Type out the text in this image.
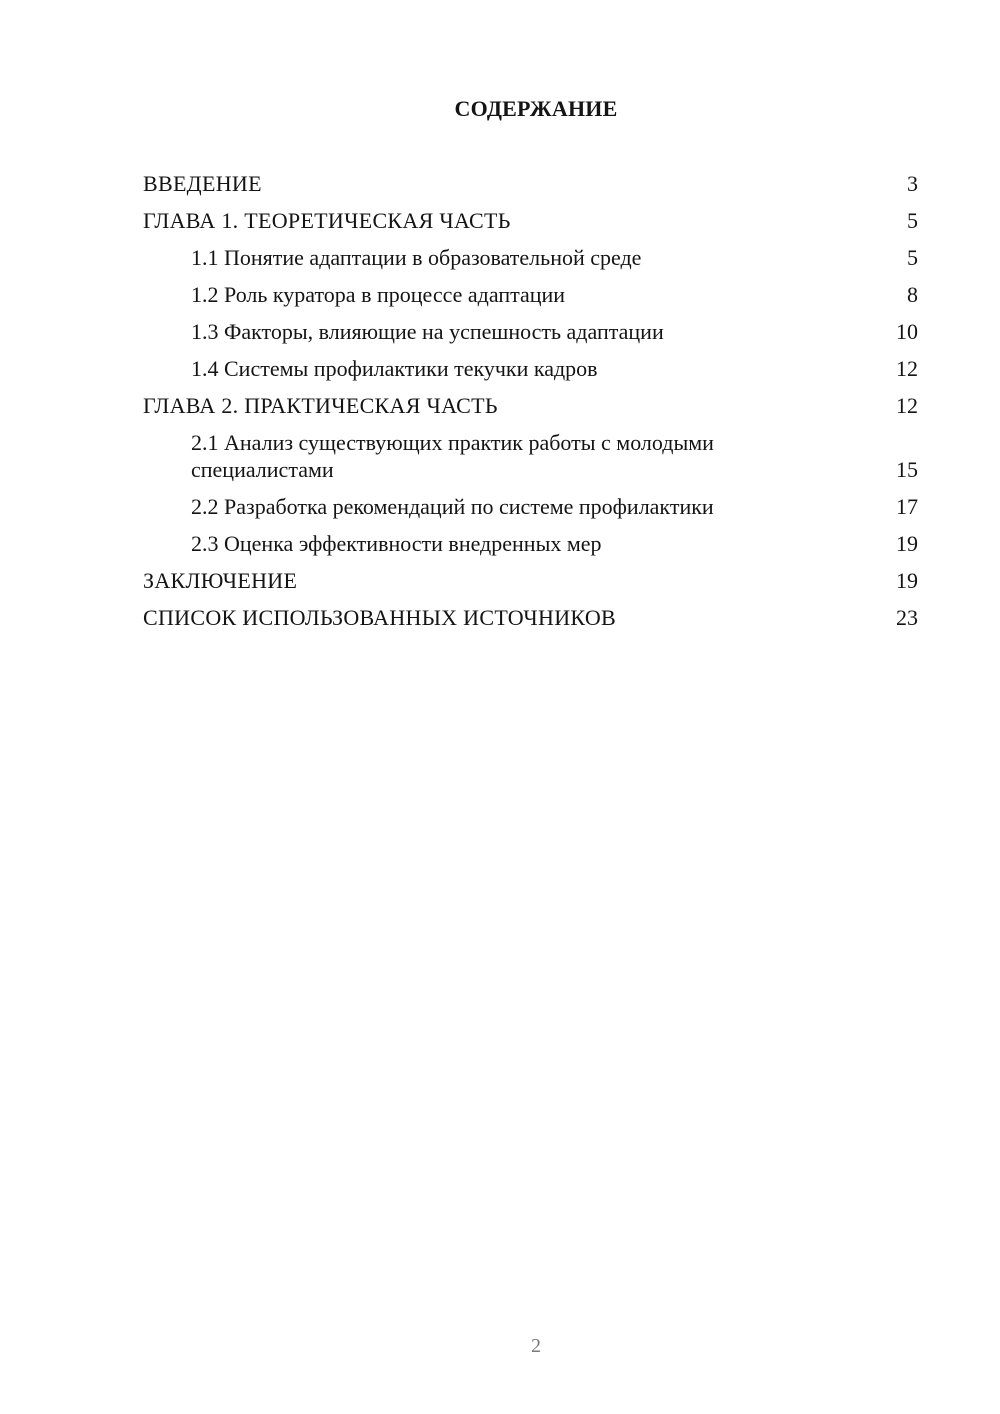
СОДЕРЖАНИЕ
ВВЕДЕНИЕ	3
ГЛАВА 1. ТЕОРЕТИЧЕСКАЯ ЧАСТЬ	5
1.1 Понятие адаптации в образовательной среде	5
1.2 Роль куратора в процессе адаптации	8
1.3 Факторы, влияющие на успешность адаптации	10
1.4 Системы профилактики текучки кадров	12
ГЛАВА 2. ПРАКТИЧЕСКАЯ ЧАСТЬ	12
2.1 Анализ существующих практик работы с молодыми специалистами	15
2.2 Разработка рекомендаций по системе профилактики	17
2.3 Оценка эффективности внедренных мер	19
ЗАКЛЮЧЕНИЕ	19
СПИСОК ИСПОЛЬЗОВАННЫХ ИСТОЧНИКОВ	23
2
